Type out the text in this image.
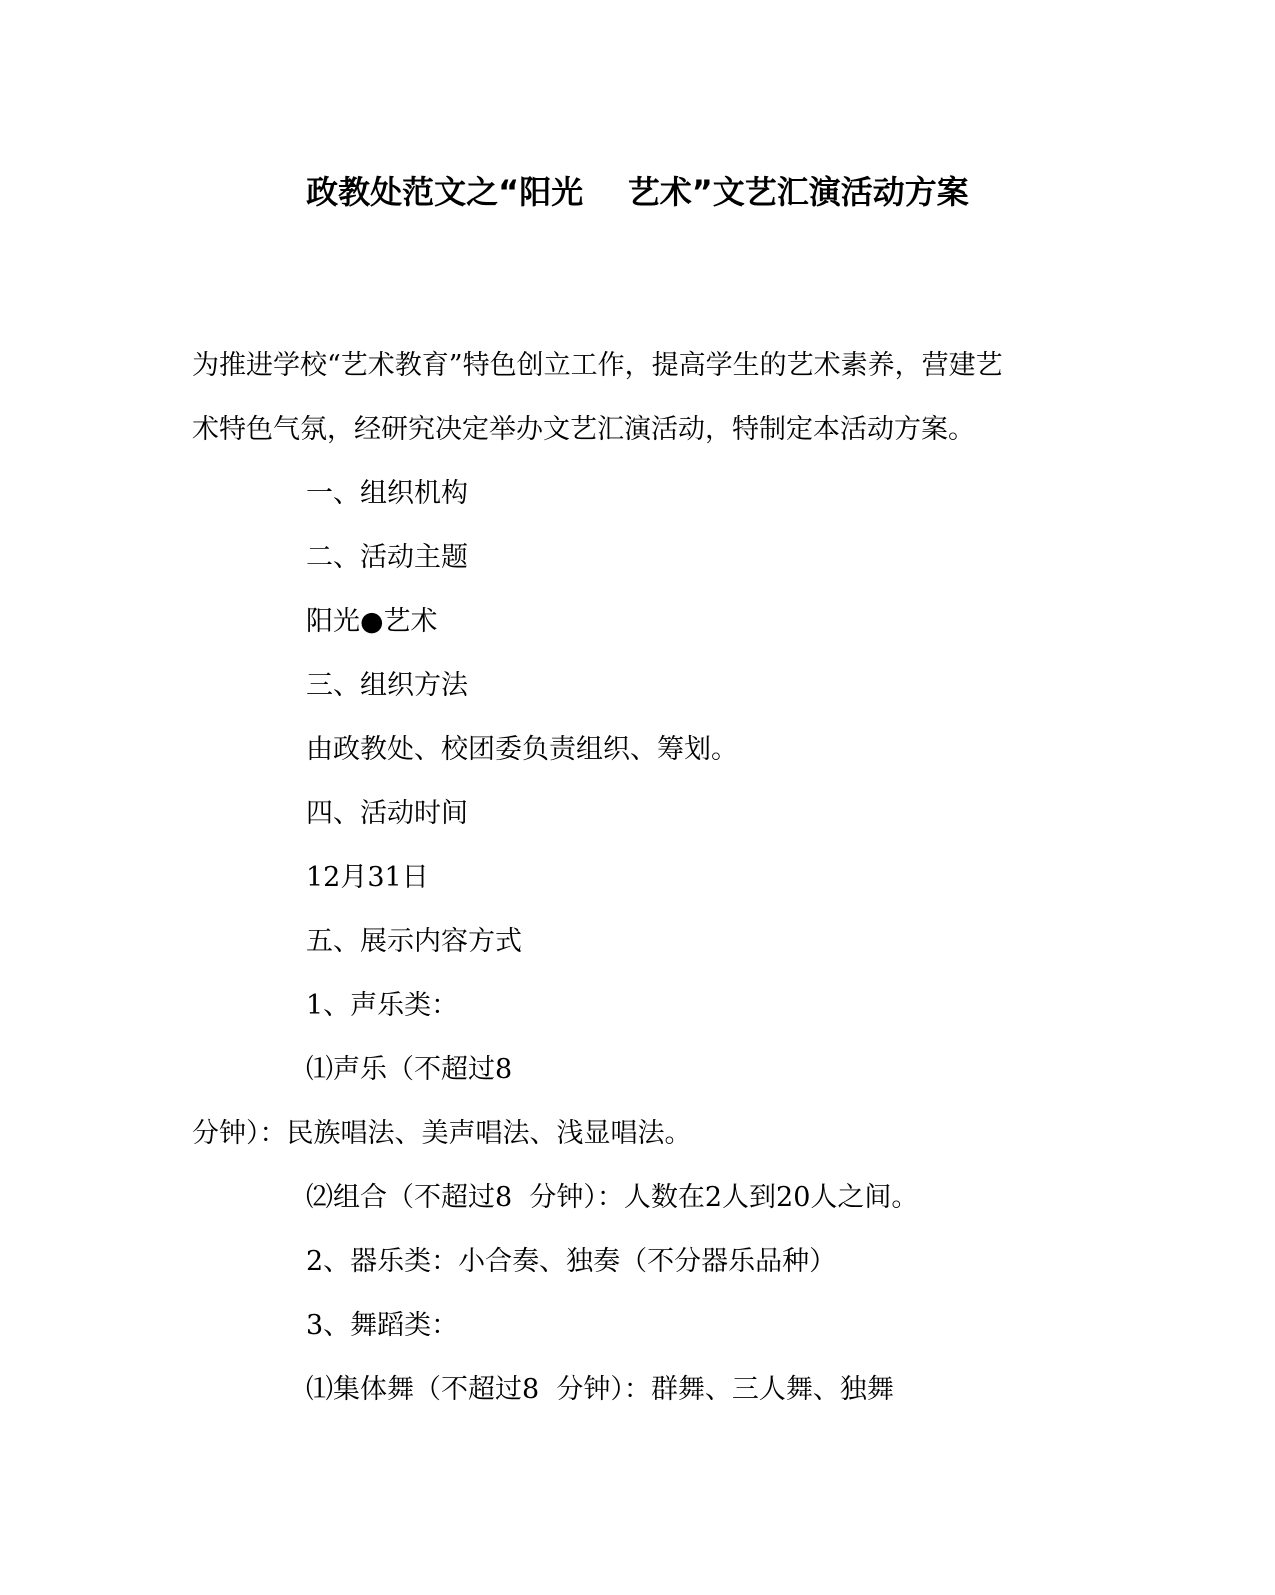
政教处范文之“阳光    艺术”文艺汇演活动方案
为推进学校“艺术教育”特色创立工作，提高学生的艺术素养，营建艺
术特色气氛，经研究决定举办文艺汇演活动，特制定本活动方案。
一、组织机构
二、活动主题
阳光●艺术
三、组织方法
由政教处、校团委负责组织、筹划。
四、活动时间
12月31日
五、展示内容方式
1、声乐类：
⑴声乐（不超过8
分钟）：民族唱法、美声唱法、浅显唱法。
⑵组合（不超过8  分钟）：人数在2人到20人之间。
2、器乐类：小合奏、独奏（不分器乐品种）
3、舞蹈类：
⑴集体舞（不超过8  分钟）：群舞、三人舞、独舞
